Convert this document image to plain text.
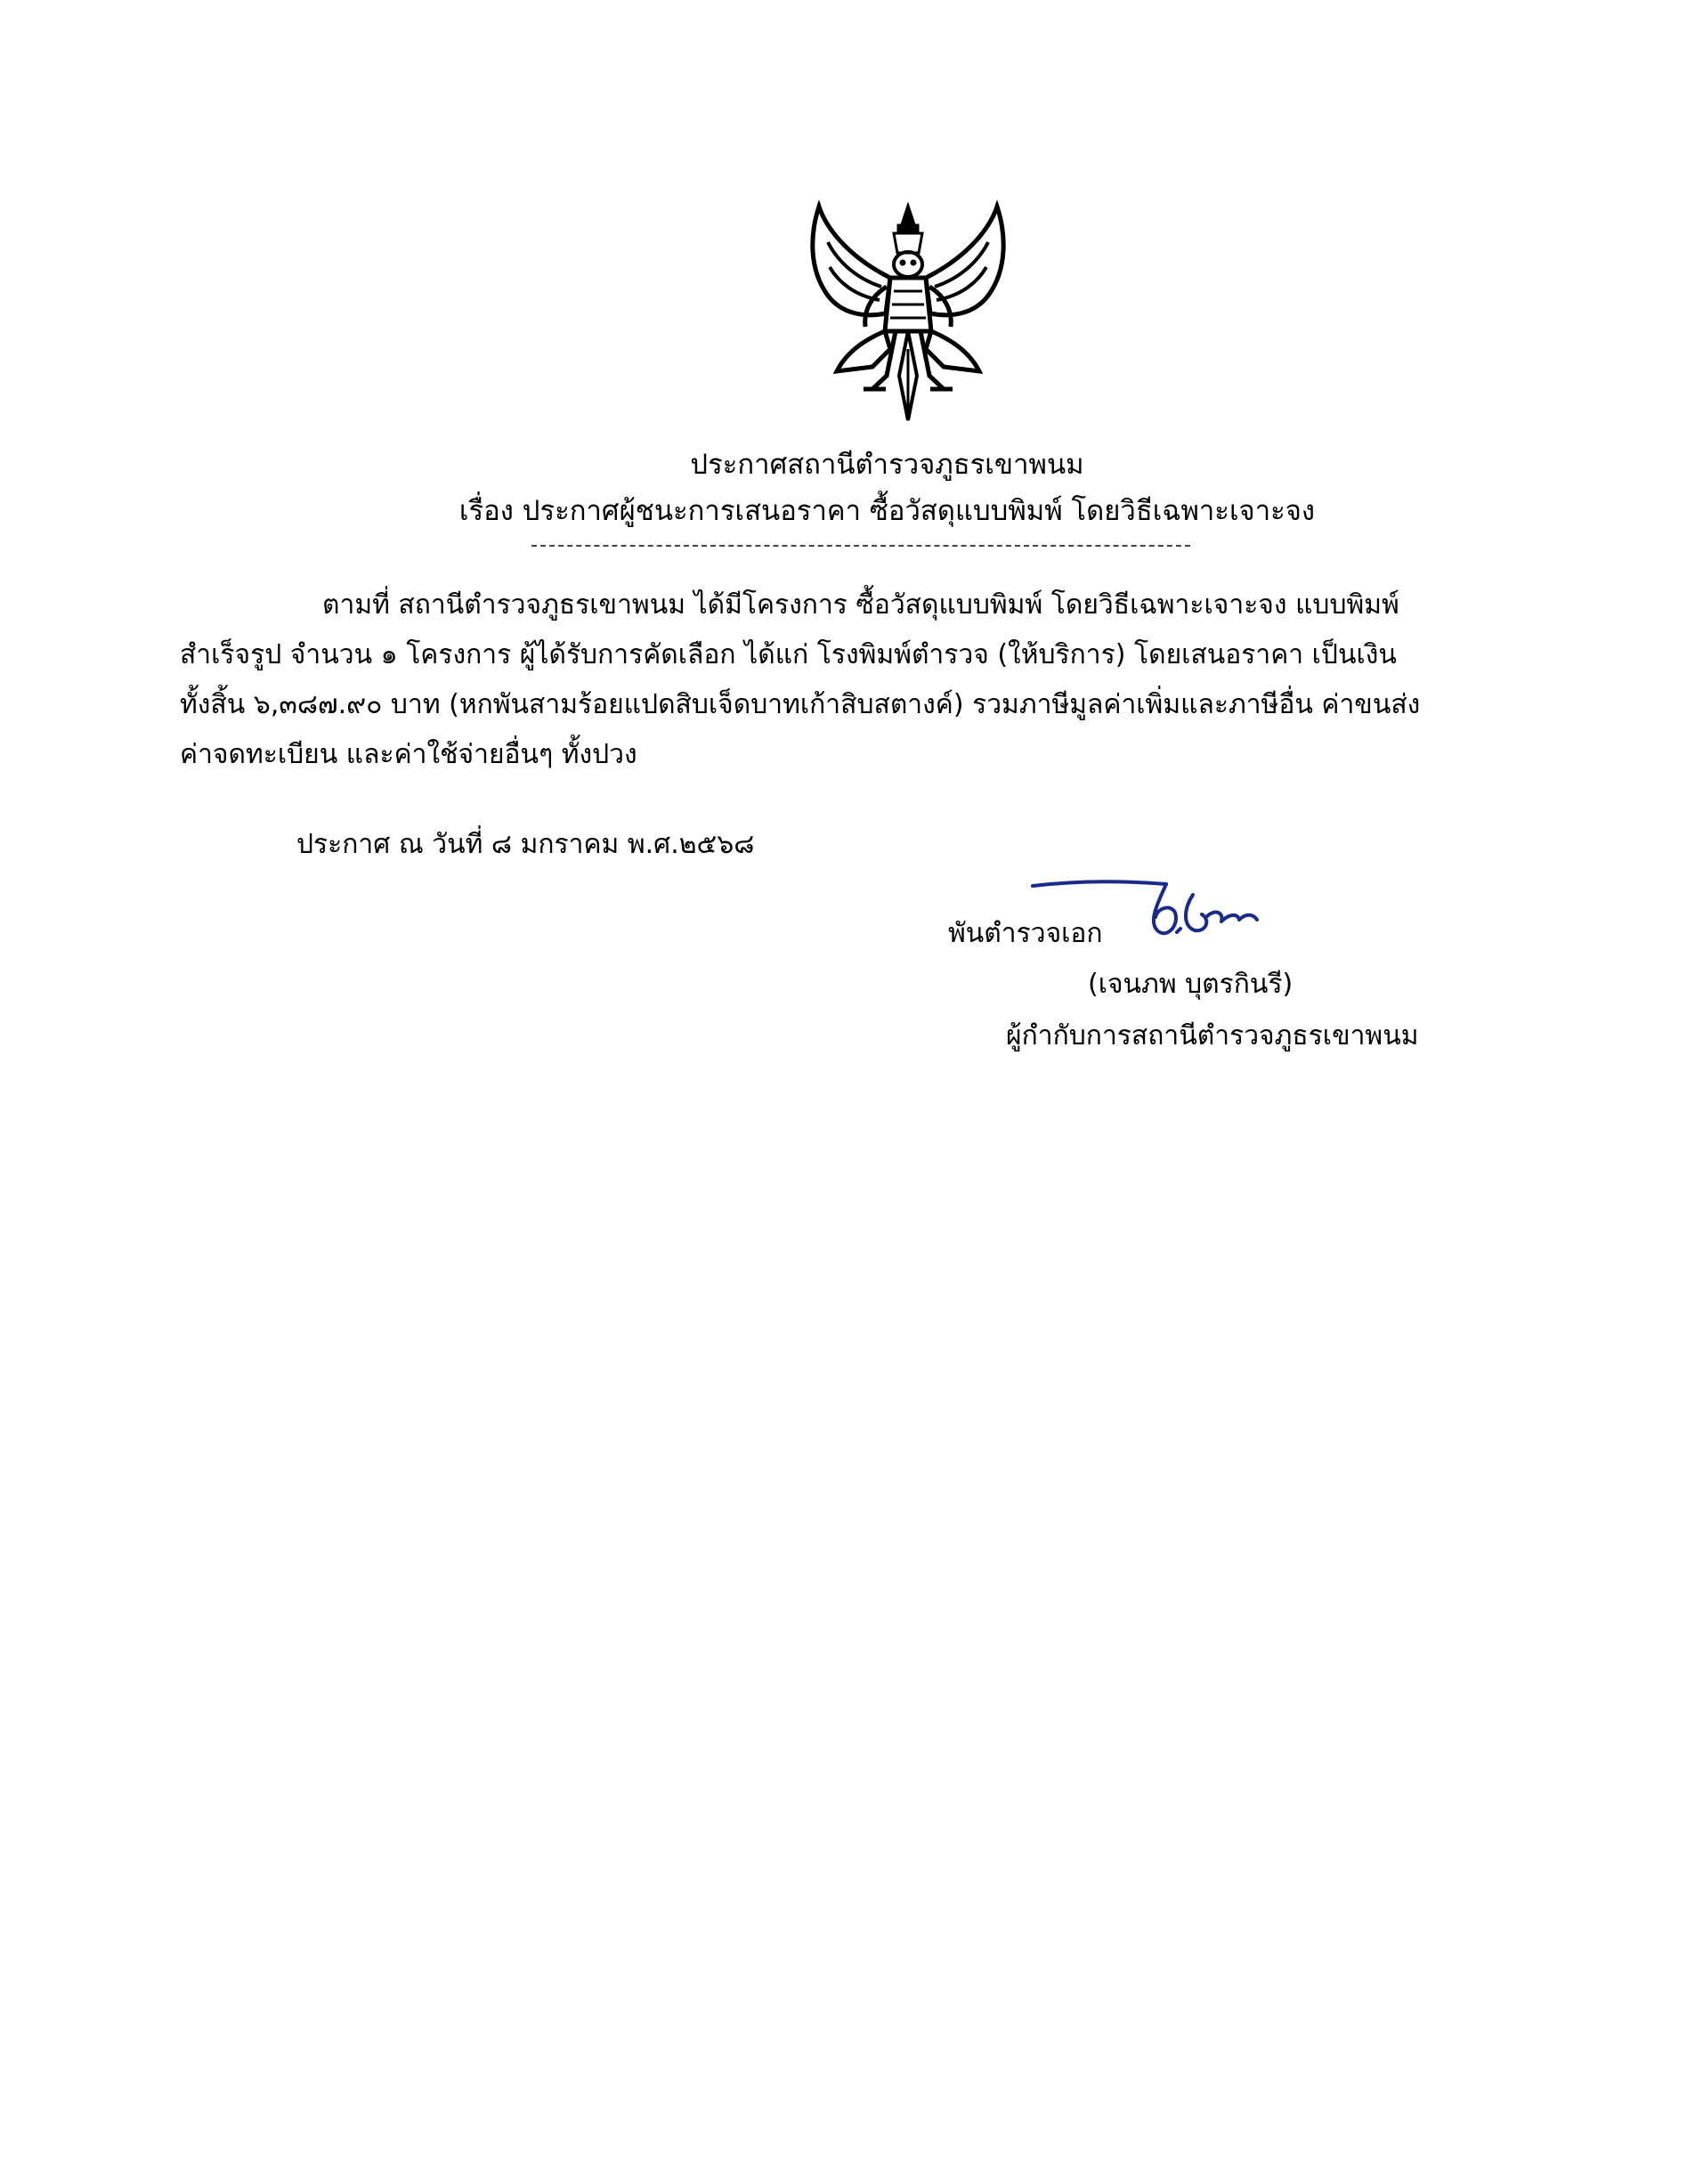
ประกาศสถานีตำรวจภูธรเขาพนม
เรื่อง ประกาศผู้ชนะการเสนอราคา ซื้อวัสดุแบบพิมพ์ โดยวิธีเฉพาะเจาะจง
ตามที่ สถานีตำรวจภูธรเขาพนม ได้มีโครงการ ซื้อวัสดุแบบพิมพ์ โดยวิธีเฉพาะเจาะจง แบบพิมพ์
สำเร็จรูป จำนวน ๑ โครงการ ผู้ได้รับการคัดเลือก ได้แก่ โรงพิมพ์ตำรวจ (ให้บริการ) โดยเสนอราคา เป็นเงิน
ทั้งสิ้น ๖,๓๘๗.๙๐ บาท (หกพันสามร้อยแปดสิบเจ็ดบาทเก้าสิบสตางค์) รวมภาษีมูลค่าเพิ่มและภาษีอื่น ค่าขนส่ง
ค่าจดทะเบียน และค่าใช้จ่ายอื่นๆ ทั้งปวง
ประกาศ ณ วันที่ ๘ มกราคม พ.ศ.๒๕๖๘
พันตำรวจเอก
(เจนภพ บุตรกินรี)
ผู้กำกับการสถานีตำรวจภูธรเขาพนม
